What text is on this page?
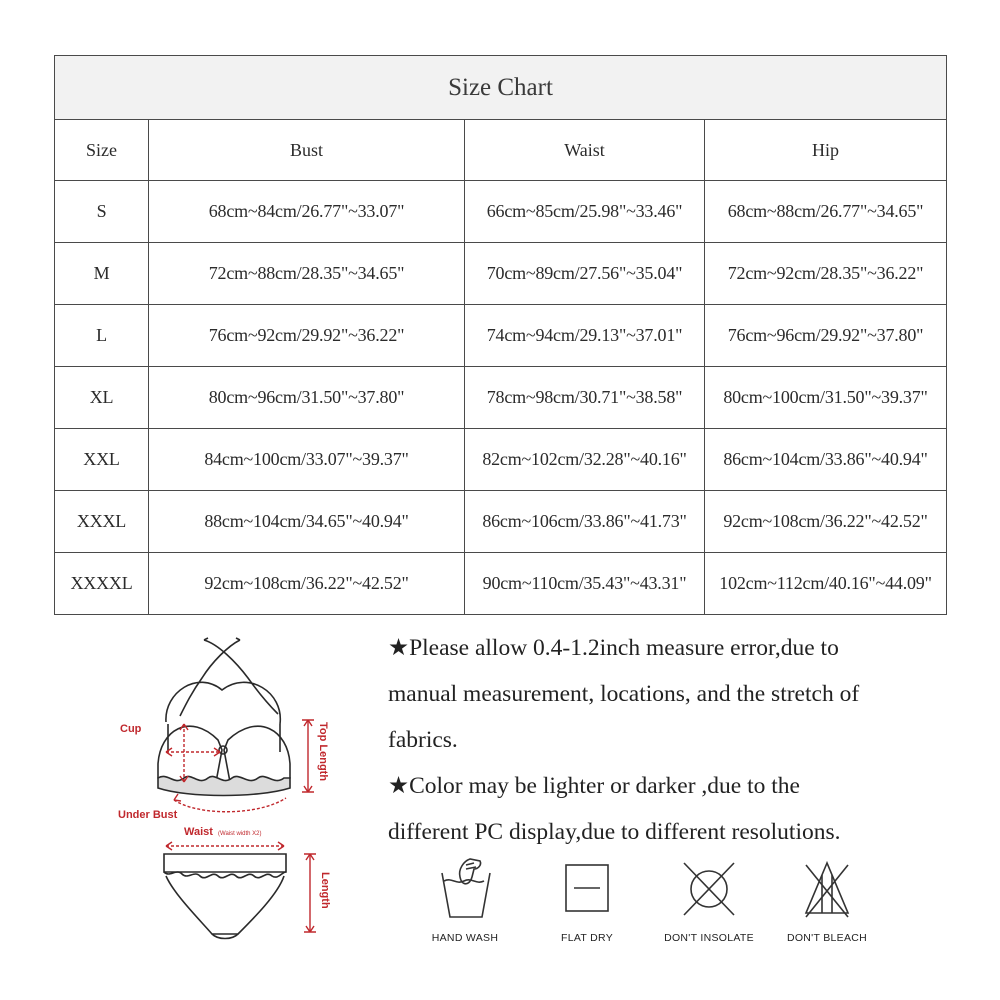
Size Chart			
Size	Bust	Waist	Hip
S	68cm~84cm/26.77"~33.07"	66cm~85cm/25.98"~33.46"	68cm~88cm/26.77"~34.65"
M	72cm~88cm/28.35"~34.65"	70cm~89cm/27.56"~35.04"	72cm~92cm/28.35"~36.22"
L	76cm~92cm/29.92"~36.22"	74cm~94cm/29.13"~37.01"	76cm~96cm/29.92"~37.80"
XL	80cm~96cm/31.50"~37.80"	78cm~98cm/30.71"~38.58"	80cm~100cm/31.50"~39.37"
XXL	84cm~100cm/33.07"~39.37"	82cm~102cm/32.28"~40.16"	86cm~104cm/33.86"~40.94"
XXXL	88cm~104cm/34.65"~40.94"	86cm~106cm/33.86"~41.73"	92cm~108cm/36.22"~42.52"
XXXXL	92cm~108cm/36.22"~42.52"	90cm~110cm/35.43"~43.31"	102cm~112cm/40.16"~44.09"
Cup	Top Length
Under Bust
Waist (Waist width X2)
Length
★Please allow 0.4-1.2inch measure error,due to
manual measurement, locations, and the stretch of
fabrics.
★Color may be lighter or darker ,due to the
different PC display,due to different resolutions.
HAND WASH	FLAT DRY	DON'T INSOLATE	DON'T BLEACH
